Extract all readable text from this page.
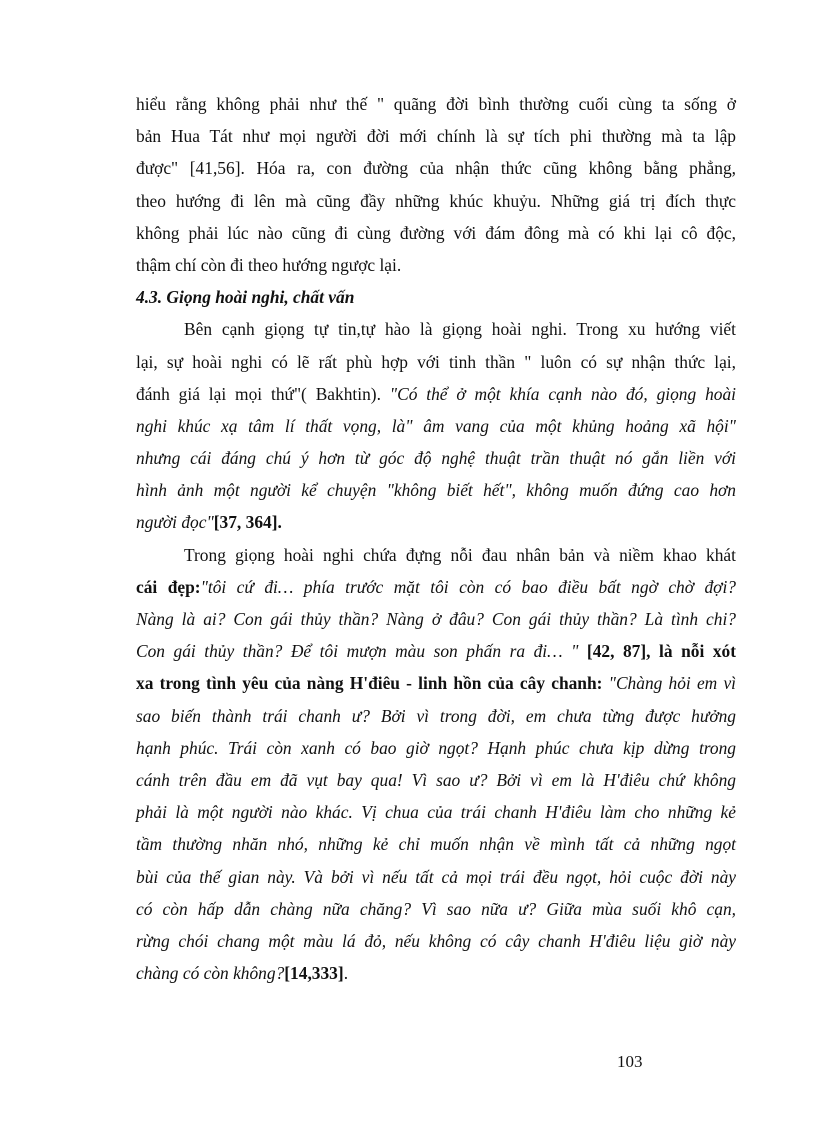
hiểu rằng không phải như thế " quãng đời bình thường cuối cùng ta sống ở
bản Hua Tát như mọi người đời mới chính là sự tích phi thường mà ta lập
được" [41,56]. Hóa ra, con đường của nhận thức cũng không bằng phẳng,
theo hướng đi lên mà cũng đầy những khúc khuỷu. Những giá trị đích thực
không phải lúc nào cũng đi cùng đường với đám đông mà có khi lại cô độc,
thậm chí còn đi theo hướng ngược lại.
4.3. Giọng hoài nghi, chất vấn
Bên cạnh giọng tự tin,tự hào là giọng hoài nghi. Trong xu hướng viết
lại, sự hoài nghi có lẽ rất phù hợp với tinh thần " luôn có sự nhận thức lại,
đánh giá lại mọi thứ"( Bakhtin). "Có thể ở một khía cạnh nào đó, giọng hoài
nghi khúc xạ tâm lí thất vọng, là" âm vang của một khủng hoảng xã hội"
nhưng cái đáng chú ý hơn từ góc độ nghệ thuật trần thuật nó gắn liền với
hình ảnh một người kể chuyện "không biết hết", không muốn đứng cao hơn
người đọc"[37, 364].
Trong giọng hoài nghi chứa đựng nỗi đau nhân bản và niềm khao khát
cái đẹp:"tôi cứ đi… phía trước mặt tôi còn có bao điều bất ngờ chờ đợi?
Nàng là ai? Con gái thủy thần? Nàng ở đâu? Con gái thủy thần? Là tình chi?
Con gái thủy thần? Để tôi mượn màu son phấn ra đi… " [42, 87], là nỗi xót
xa trong tình yêu của nàng H'điêu - linh hồn của cây chanh: "Chàng hỏi em vì
sao biến thành trái chanh ư? Bởi vì trong đời, em chưa từng được hưởng
hạnh phúc. Trái còn xanh có bao giờ ngọt? Hạnh phúc chưa kịp dừng trong
cánh trên đầu em đã vụt bay qua! Vì sao ư? Bởi vì em là H'điêu chứ không
phải là một người nào khác. Vị chua của trái chanh H'điêu làm cho những kẻ
tầm thường nhăn nhó, những kẻ chỉ muốn nhận về mình tất cả những ngọt
bùi của thế gian này. Và bởi vì nếu tất cả mọi trái đều ngọt, hỏi cuộc đời này
có còn hấp dẫn chàng nữa chăng? Vì sao nữa ư? Giữa mùa suối khô cạn,
rừng chói chang một màu lá đỏ, nếu không có cây chanh H'điêu liệu giờ này
chàng có còn không?[14,333].
103
